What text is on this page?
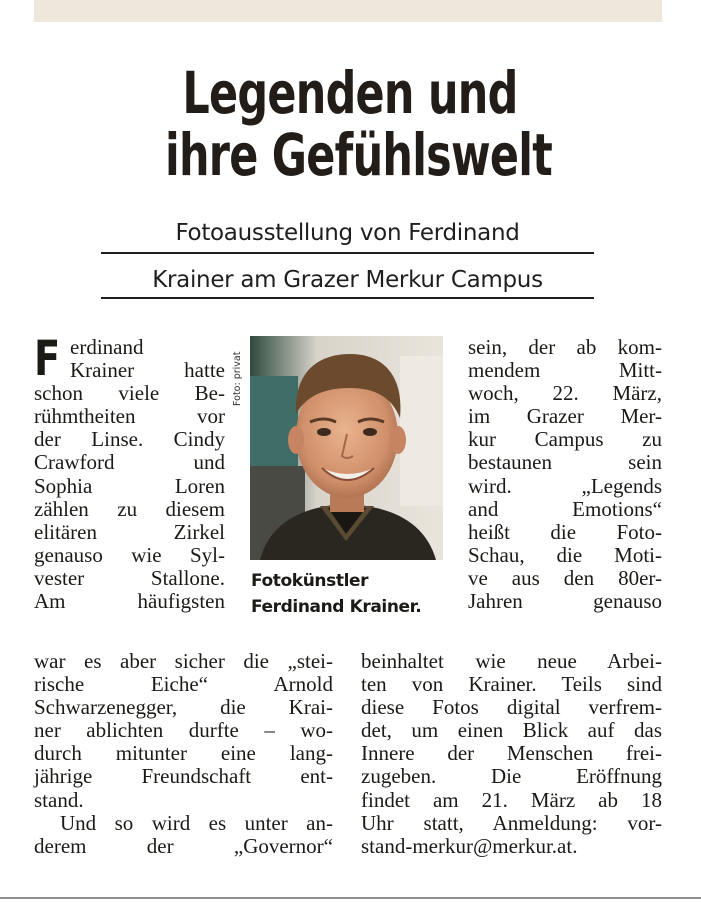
Legenden und
ihre Gefühlswelt
Fotoausstellung von Ferdinand
Krainer am Grazer Merkur Campus
F erdinand
Krainer hatte
schon viele Be-
rühmtheiten vor
der Linse. Cindy
Crawford und
Sophia Loren
zählen zu diesem
elitären Zirkel
genauso wie Syl-
vester Stallone.
Am häufigsten
war es aber sicher die „stei-
rische Eiche“ Arnold
Schwarzenegger, die Krai-
ner ablichten durfte – wo-
durch mitunter eine lang-
jährige Freundschaft ent-
stand.
Und so wird es unter an-
derem der „Governor“
Foto: privat
Fotokünstler
Ferdinand Krainer.
sein, der ab kom-
mendem Mitt-
woch, 22. März,
im Grazer Mer-
kur Campus zu
bestaunen sein
wird. „Legends
and Emotions“
heißt die Foto-
Schau, die Moti-
ve aus den 80er-
Jahren genauso
beinhaltet wie neue Arbei-
ten von Krainer. Teils sind
diese Fotos digital verfrem-
det, um einen Blick auf das
Innere der Menschen frei-
zugeben. Die Eröffnung
findet am 21. März ab 18
Uhr statt, Anmeldung: vor-
stand-merkur@merkur.at.
